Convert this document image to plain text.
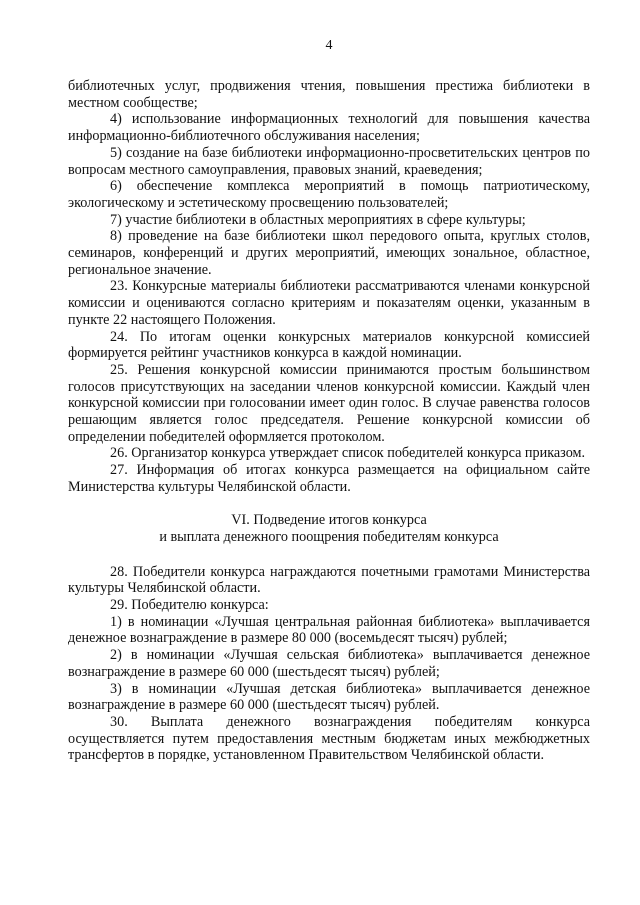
4

библиотечных услуг, продвижения чтения, повышения престижа библиотеки в местном сообществе;

4) использование информационных технологий для повышения качества информационно-библиотечного обслуживания населения;

5) создание на базе библиотеки информационно-просветительских центров по вопросам местного самоуправления, правовых знаний, краеведения;

6) обеспечение комплекса мероприятий в помощь патриотическому, экологическому и эстетическому просвещению пользователей;

7) участие библиотеки в областных мероприятиях в сфере культуры;

8) проведение на базе библиотеки школ передового опыта, круглых столов, семинаров, конференций и других мероприятий, имеющих зональное, областное, региональное значение.

23. Конкурсные материалы библиотеки рассматриваются членами конкурсной комиссии и оцениваются согласно критериям и показателям оценки, указанным в пункте 22 настоящего Положения.

24. По итогам оценки конкурсных материалов конкурсной комиссией формируется рейтинг участников конкурса в каждой номинации.

25. Решения конкурсной комиссии принимаются простым большинством голосов присутствующих на заседании членов конкурсной комиссии. Каждый член конкурсной комиссии при голосовании имеет один голос. В случае равенства голосов решающим является голос председателя. Решение конкурсной комиссии об определении победителей оформляется протоколом.

26. Организатор конкурса утверждает список победителей конкурса приказом.

27. Информация об итогах конкурса размещается на официальном сайте Министерства культуры Челябинской области.

VI. Подведение итогов конкурса
и выплата денежного поощрения победителям конкурса

28. Победители конкурса награждаются почетными грамотами Министерства культуры Челябинской области.

29. Победителю конкурса:

1) в номинации «Лучшая центральная районная библиотека» выплачивается денежное вознаграждение в размере 80 000 (восемьдесят тысяч) рублей;

2) в номинации «Лучшая сельская библиотека» выплачивается денежное вознаграждение в размере 60 000 (шестьдесят тысяч) рублей;

3) в номинации «Лучшая детская библиотека» выплачивается денежное вознаграждение в размере 60 000 (шестьдесят тысяч) рублей.

30. Выплата денежного вознаграждения победителям конкурса осуществляется путем предоставления местным бюджетам иных межбюджетных трансфертов в порядке, установленном Правительством Челябинской области.
